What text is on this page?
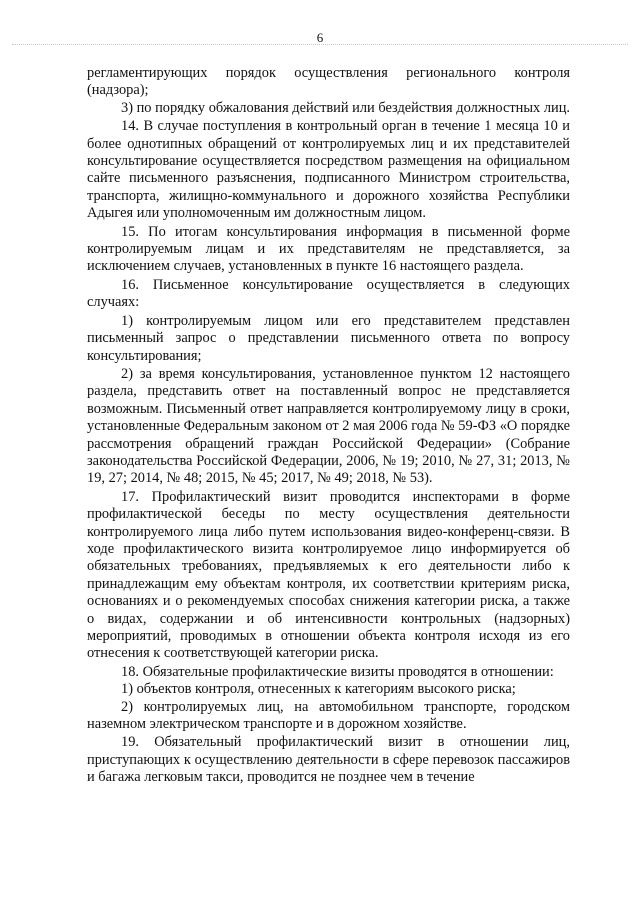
6

регламентирующих порядок осуществления регионального контроля (надзора);

3) по порядку обжалования действий или бездействия должностных лиц.

14. В случае поступления в контрольный орган в течение 1 месяца 10 и более однотипных обращений от контролируемых лиц и их представителей консультирование осуществляется посредством размещения на официальном сайте письменного разъяснения, подписанного Министром строительства, транспорта, жилищно-коммунального и дорожного хозяйства Республики Адыгея или уполномоченным им должностным лицом.

15. По итогам консультирования информация в письменной форме контролируемым лицам и их представителям не представляется, за исключением случаев, установленных в пункте 16 настоящего раздела.

16. Письменное консультирование осуществляется в следующих случаях:

1) контролируемым лицом или его представителем представлен письменный запрос о представлении письменного ответа по вопросу консультирования;

2) за время консультирования, установленное пунктом 12 настоящего раздела, представить ответ на поставленный вопрос не представляется возможным. Письменный ответ направляется контролируемому лицу в сроки, установленные Федеральным законом от 2 мая 2006 года № 59-ФЗ «О порядке рассмотрения обращений граждан Российской Федерации» (Собрание законодательства Российской Федерации, 2006, № 19; 2010, № 27, 31; 2013, № 19, 27; 2014, № 48; 2015, № 45; 2017, № 49; 2018, № 53).

17. Профилактический визит проводится инспекторами в форме профилактической беседы по месту осуществления деятельности контролируемого лица либо путем использования видео-конференц-связи. В ходе профилактического визита контролируемое лицо информируется об обязательных требованиях, предъявляемых к его деятельности либо к принадлежащим ему объектам контроля, их соответствии критериям риска, основаниях и о рекомендуемых способах снижения категории риска, а также о видах, содержании и об интенсивности контрольных (надзорных) мероприятий, проводимых в отношении объекта контроля исходя из его отнесения к соответствующей категории риска.

18. Обязательные профилактические визиты проводятся в отношении:

1) объектов контроля, отнесенных к категориям высокого риска;

2) контролируемых лиц, на автомобильном транспорте, городском наземном электрическом транспорте и в дорожном хозяйстве.

19. Обязательный профилактический визит в отношении лиц, приступающих к осуществлению деятельности в сфере перевозок пассажиров и багажа легковым такси, проводится не позднее чем в течение
